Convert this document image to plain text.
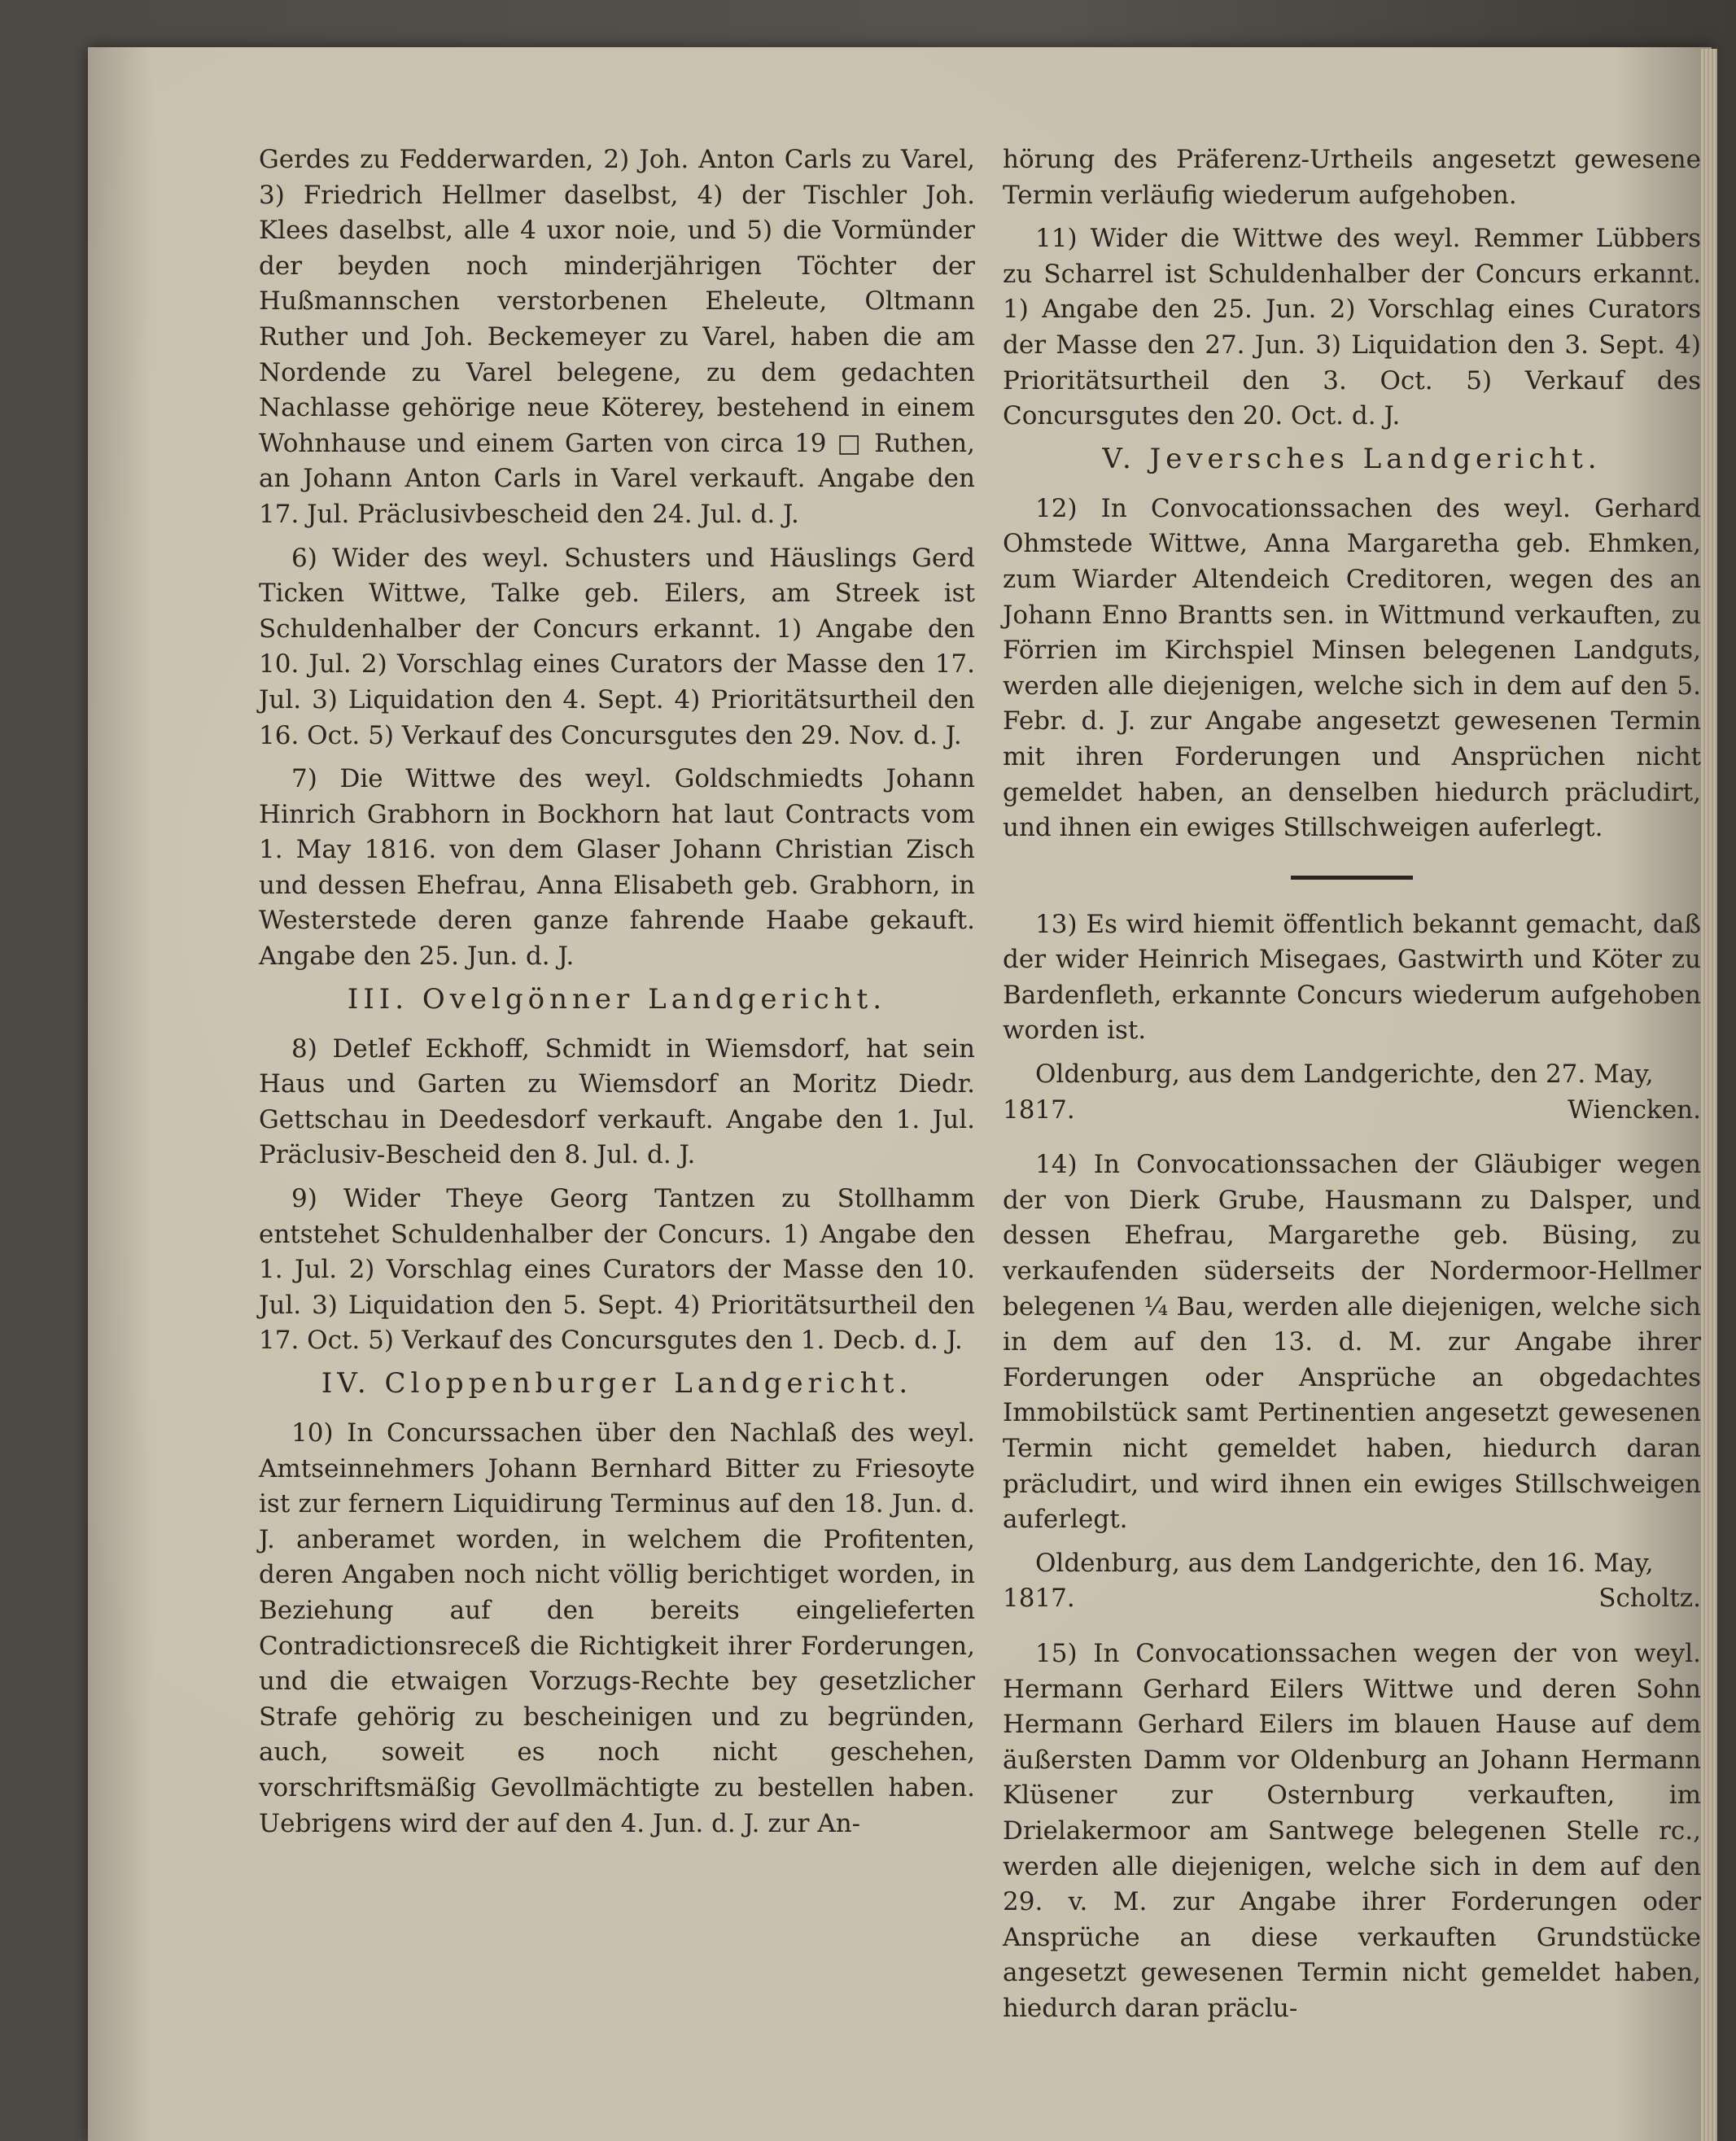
Gerdes zu Fedderwarden, 2) Joh. Anton Carls zu Varel, 3) Friedrich Hellmer daselbst, 4) der Tischler Joh. Klees daselbst, alle 4 uxor noie, und 5) die Vormünder der beyden noch minderjährigen Töchter der Hußmannschen verstorbenen Eheleute, Oltmann Ruther und Joh. Beckemeyer zu Varel, haben die am Nordende zu Varel belegene, zu dem gedachten Nachlasse gehörige neue Köterey, bestehend in einem Wohnhause und einem Garten von circa 19 □ Ruthen, an Johann Anton Carls in Varel verkauft. Angabe den 17. Jul. Präclusivbescheid den 24. Jul. d. J.

6) Wider des weyl. Schusters und Häuslings Gerd Ticken Wittwe, Talke geb. Eilers, am Streek ist Schuldenhalber der Concurs erkannt. 1) Angabe den 10. Jul. 2) Vorschlag eines Curators der Masse den 17. Jul. 3) Liquidation den 4. Sept. 4) Prioritätsurtheil den 16. Oct. 5) Verkauf des Concursgutes den 29. Nov. d. J.

7) Die Wittwe des weyl. Goldschmiedts Johann Hinrich Grabhorn in Bockhorn hat laut Contracts vom 1. May 1816. von dem Glaser Johann Christian Zisch und dessen Ehefrau, Anna Elisabeth geb. Grabhorn, in Westerstede deren ganze fahrende Haabe gekauft. Angabe den 25. Jun. d. J.

III. Ovelgönner Landgericht.

8) Detlef Eckhoff, Schmidt in Wiemsdorf, hat sein Haus und Garten zu Wiemsdorf an Moritz Diedr. Gettschau in Deedesdorf verkauft. Angabe den 1. Jul. Präclusiv-Bescheid den 8. Jul. d. J.

9) Wider Theye Georg Tantzen zu Stollhamm entstehet Schuldenhalber der Concurs. 1) Angabe den 1. Jul. 2) Vorschlag eines Curators der Masse den 10. Jul. 3) Liquidation den 5. Sept. 4) Prioritätsurtheil den 17. Oct. 5) Verkauf des Concursgutes den 1. Decb. d. J.

IV. Cloppenburger Landgericht.

10) In Concurssachen über den Nachlaß des weyl. Amtseinnehmers Johann Bernhard Bitter zu Friesoyte ist zur fernern Liquidirung Terminus auf den 18. Jun. d. J. anberamet worden, in welchem die Profitenten, deren Angaben noch nicht völlig berichtiget worden, in Beziehung auf den bereits eingelieferten Contradictionsreceß die Richtigkeit ihrer Forderungen, und die etwaigen Vorzugs-Rechte bey gesetzlicher Strafe gehörig zu bescheinigen und zu begründen, auch, soweit es noch nicht geschehen, vorschriftsmäßig Gevollmächtigte zu bestellen haben. Uebrigens wird der auf den 4. Jun. d. J. zur An-

hörung des Präferenz-Urtheils angesetzt gewesene Termin verläufig wiederum aufgehoben.

11) Wider die Wittwe des weyl. Remmer Lübbers zu Scharrel ist Schuldenhalber der Concurs erkannt. 1) Angabe den 25. Jun. 2) Vorschlag eines Curators der Masse den 27. Jun. 3) Liquidation den 3. Sept. 4) Prioritätsurtheil den 3. Oct. 5) Verkauf des Concursgutes den 20. Oct. d. J.

V. Jeversches Landgericht.

12) In Convocationssachen des weyl. Gerhard Ohmstede Wittwe, Anna Margaretha geb. Ehmken, zum Wiarder Altendeich Creditoren, wegen des an Johann Enno Brantts sen. in Wittmund verkauften, zu Förrien im Kirchspiel Minsen belegenen Landguts, werden alle diejenigen, welche sich in dem auf den 5. Febr. d. J. zur Angabe angesetzt gewesenen Termin mit ihren Forderungen und Ansprüchen nicht gemeldet haben, an denselben hiedurch präcludirt, und ihnen ein ewiges Stillschweigen auferlegt.

13) Es wird hiemit öffentlich bekannt gemacht, daß der wider Heinrich Misegaes, Gastwirth und Köter zu Bardenfleth, erkannte Concurs wiederum aufgehoben worden ist.

Oldenburg, aus dem Landgerichte, den 27. May,

1817.	Wiencken.

14) In Convocationssachen der Gläubiger wegen der von Dierk Grube, Hausmann zu Dalsper, und dessen Ehefrau, Margarethe geb. Büsing, zu verkaufenden süderseits der Nordermoor-Hellmer belegenen ¼ Bau, werden alle diejenigen, welche sich in dem auf den 13. d. M. zur Angabe ihrer Forderungen oder Ansprüche an obgedachtes Immobilstück samt Pertinentien angesetzt gewesenen Termin nicht gemeldet haben, hiedurch daran präcludirt, und wird ihnen ein ewiges Stillschweigen auferlegt.

Oldenburg, aus dem Landgerichte, den 16. May,

1817.	Scholtz.

15) In Convocationssachen wegen der von weyl. Hermann Gerhard Eilers Wittwe und deren Sohn Hermann Gerhard Eilers im blauen Hause auf dem äußersten Damm vor Oldenburg an Johann Hermann Klüsener zur Osternburg verkauften, im Drielakermoor am Santwege belegenen Stelle rc., werden alle diejenigen, welche sich in dem auf den 29. v. M. zur Angabe ihrer Forderungen oder Ansprüche an diese verkauften Grundstücke angesetzt gewesenen Termin nicht gemeldet haben, hiedurch daran präclu-
